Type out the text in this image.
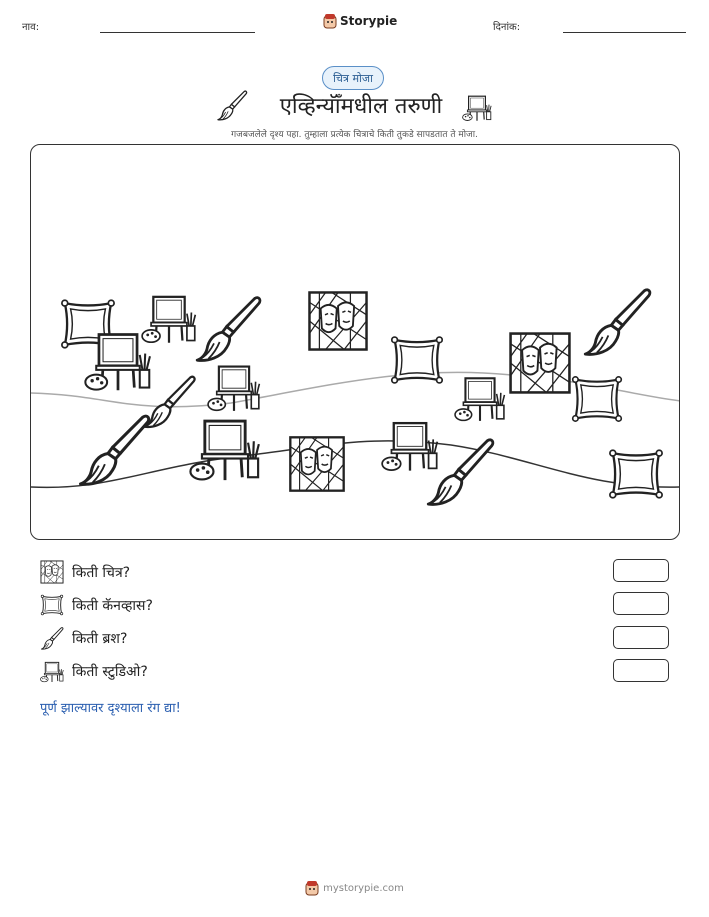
नाव:	Storypie	दिनांक:
चित्र मोजा
एव्हिन्यॉँमधील तरुणी
गजबजलेले दृश्य पहा. तुम्हाला प्रत्येक चित्राचे किती तुकडे सापडतात ते मोजा.
किती चित्र?
किती कॅनव्हास?
किती ब्रश?
किती स्टुडिओ?
पूर्ण झाल्यावर दृश्याला रंग द्या!
mystorypie.com
